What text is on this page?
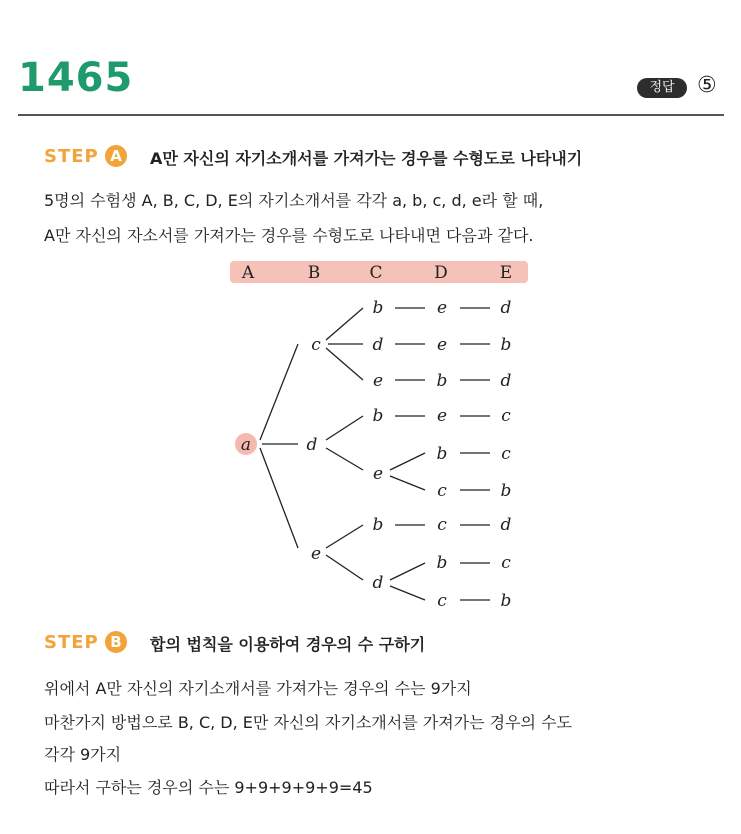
1465	정답	⑤
STEP A	A만 자신의 자기소개서를 가져가는 경우를 수형도로 나타내기
5명의 수험생 A, B, C, D, E의 자기소개서를 각각 a, b, c, d, e라 할 때,
A만 자신의 자소서를 가져가는 경우를 수형도로 나타내면 다음과 같다.
A	B	C	D	E
a
c
d
e
b
d
e
b
e
b
d
e
e
b
e
b
c
c
b
c
d
b
d
c
c
b
d
c
b
STEP B	합의 법칙을 이용하여 경우의 수 구하기
위에서 A만 자신의 자기소개서를 가져가는 경우의 수는 9가지
마찬가지 방법으로 B, C, D, E만 자신의 자기소개서를 가져가는 경우의 수도
각각 9가지
따라서 구하는 경우의 수는 9+9+9+9+9=45
